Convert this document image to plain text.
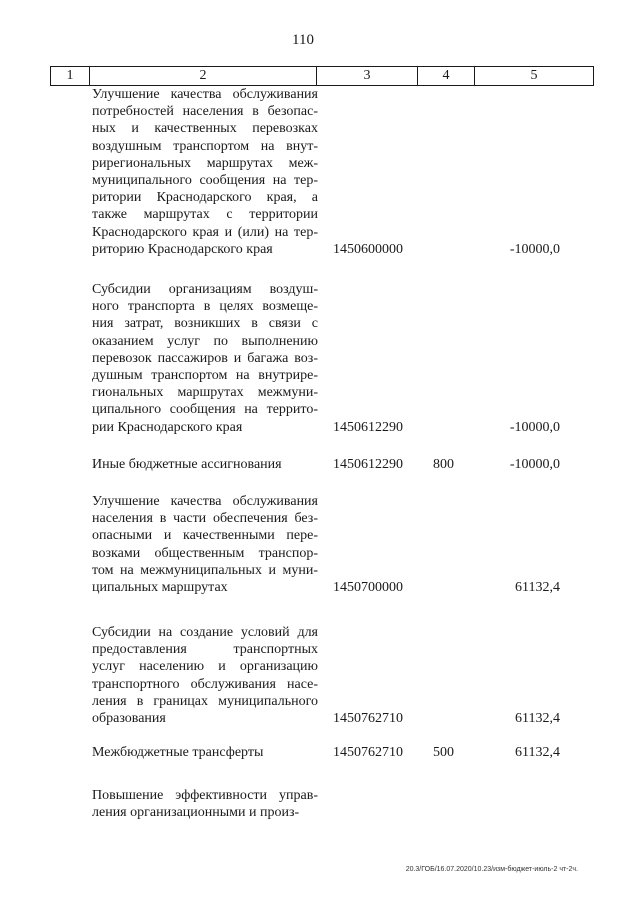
110
1	2	3	4	5
Улучшение качества обслуживания
потребностей населения в безопас-
ных и качественных перевозках
воздушным транспортом на внут-
рирегиональных маршрутах меж-
муниципального сообщения на тер-
ритории Краснодарского края, а
также маршрутах с территории
Краснодарского края и (или) на тер-
риторию Краснодарского края	1450600000	-10000,0
Субсидии организациям воздуш-
ного транспорта в целях возмеще-
ния затрат, возникших в связи с
оказанием услуг по выполнению
перевозок пассажиров и багажа воз-
душным транспортом на внутрире-
гиональных маршрутах межмуни-
ципального сообщения на террито-
рии Краснодарского края	1450612290	-10000,0
Иные бюджетные ассигнования	1450612290 800	-10000,0
Улучшение качества обслуживания
населения в части обеспечения без-
опасными и качественными пере-
возками общественным транспор-
том на межмуниципальных и муни-
ципальных маршрутах	1450700000	61132,4
Субсидии на создание условий для
предоставления транспортных
услуг населению и организацию
транспортного обслуживания насе-
ления в границах муниципального
образования	1450762710	61132,4
Межбюджетные трансферты	1450762710 500	61132,4
Повышение эффективности управ-
ления организационными и произ-
20.3/ГОБ/16.07.2020/10.23/изм-бюджет-июль-2 чт-2ч.
